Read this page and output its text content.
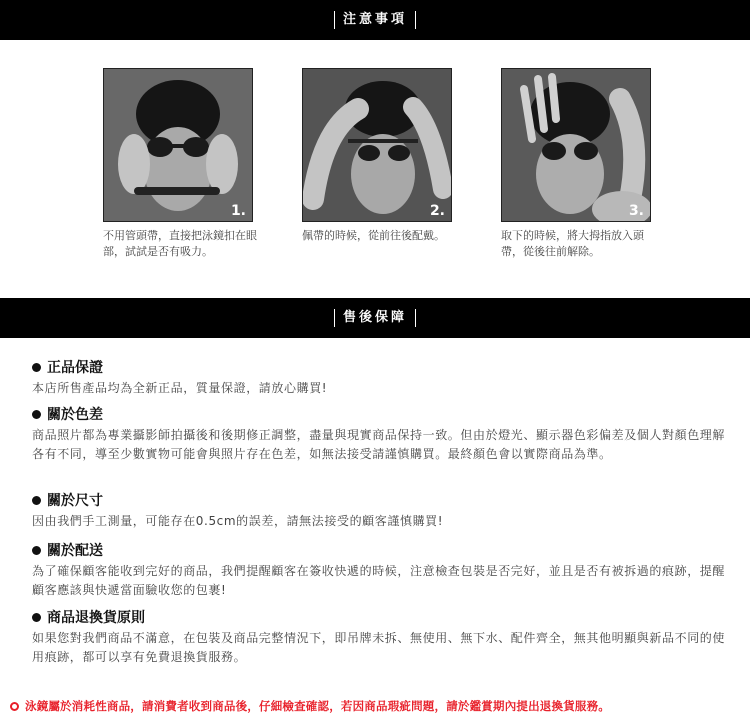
注意事項
1.	2.	3.
不用管頭帶，直接把泳鏡扣在眼部，試試是否有吸力。
佩帶的時候，從前往後配戴。	取下的時候，將大拇指放入頭帶，從後往前解除。
售後保障
正品保證
本店所售產品均為全新正品，質量保證，請放心購買!
關於色差
商品照片都為專業攝影師拍攝後和後期修正調整，盡量與現實商品保持一致。但由於燈光、顯示器色彩偏差及個人對顏色理解各有不同，導至少數實物可能會與照片存在色差，如無法接受請謹慎購買。最終顏色會以實際商品為準。
關於尺寸
因由我們手工測量，可能存在0.5cm的誤差，請無法接受的顧客謹慎購買!
關於配送
為了確保顧客能收到完好的商品，我們提醒顧客在簽收快遞的時候，注意檢查包裝是否完好，並且是否有被拆過的痕跡，提醒顧客應該與快遞當面驗收您的包裹!
商品退換貨原則
如果您對我們商品不滿意，在包裝及商品完整情況下，即吊牌未拆、無使用、無下水、配件齊全，無其他明顯與新品不同的使用痕跡，都可以享有免費退換貨服務。
泳鏡屬於消耗性商品，請消費者收到商品後，仔細檢查確認，若因商品瑕疵問題，請於鑑賞期內提出退換貨服務。
